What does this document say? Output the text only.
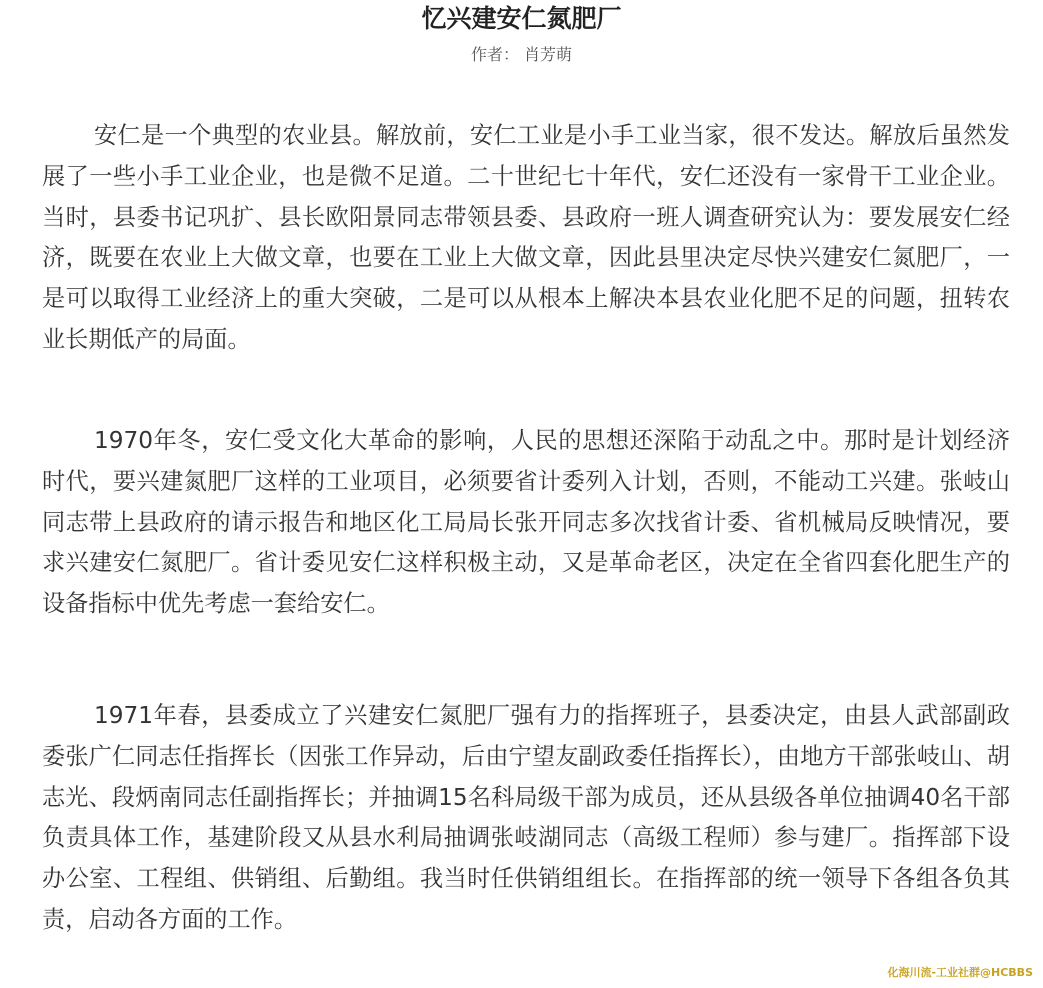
忆兴建安仁氮肥厂
作者： 肖芳萌

安仁是一个典型的农业县。解放前，安仁工业是小手工业当家，很不发达。解放后虽然发展了一些小手工业企业，也是微不足道。二十世纪七十年代，安仁还没有一家骨干工业企业。当时，县委书记巩扩、县长欧阳景同志带领县委、县政府一班人调查研究认为：要发展安仁经济，既要在农业上大做文章，也要在工业上大做文章，因此县里决定尽快兴建安仁氮肥厂，一是可以取得工业经济上的重大突破，二是可以从根本上解决本县农业化肥不足的问题，扭转农业长期低产的局面。

1970年冬，安仁受文化大革命的影响，人民的思想还深陷于动乱之中。那时是计划经济时代，要兴建氮肥厂这样的工业项目，必须要省计委列入计划，否则，不能动工兴建。张岐山同志带上县政府的请示报告和地区化工局局长张开同志多次找省计委、省机械局反映情况，要求兴建安仁氮肥厂。省计委见安仁这样积极主动，又是革命老区，决定在全省四套化肥生产的设备指标中优先考虑一套给安仁。

1971年春，县委成立了兴建安仁氮肥厂强有力的指挥班子，县委决定，由县人武部副政委张广仁同志任指挥长（因张工作异动，后由宁望友副政委任指挥长），由地方干部张岐山、胡志光、段炳南同志任副指挥长；并抽调15名科局级干部为成员，还从县级各单位抽调40名干部负责具体工作，基建阶段又从县水利局抽调张岐湖同志（高级工程师）参与建厂。指挥部下设办公室、工程组、供销组、后勤组。我当时任供销组组长。在指挥部的统一领导下各组各负其责，启动各方面的工作。

化海川流-工业社群@HCBBS
